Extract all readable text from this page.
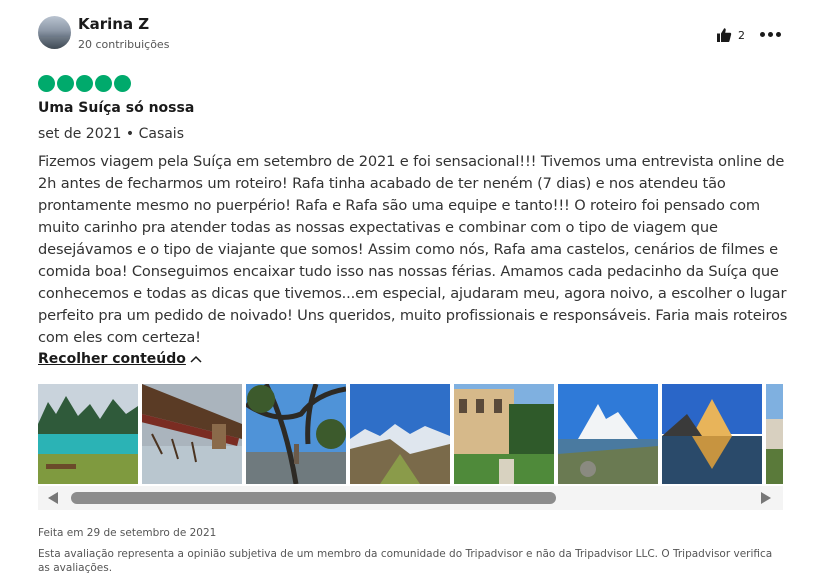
Karina Z
20 contribuições
2
Uma Suíça só nossa
set de 2021 • Casais
Fizemos viagem pela Suíça em setembro de 2021 e foi sensacional!!! Tivemos uma entrevista online de 2h antes de fecharmos um roteiro! Rafa tinha acabado de ter neném (7 dias) e nos atendeu tão prontamente mesmo no puerpério! Rafa e Rafa são uma equipe e tanto!!! O roteiro foi pensado com muito carinho pra atender todas as nossas expectativas e combinar com o tipo de viagem que desejávamos e o tipo de viajante que somos! Assim como nós, Rafa ama castelos, cenários de filmes e comida boa! Conseguimos encaixar tudo isso nas nossas férias. Amamos cada pedacinho da Suíça que conhecemos e todas as dicas que tivemos...em especial, ajudaram meu, agora noivo, a escolher o lugar perfeito pra um pedido de noivado! Uns queridos, muito profissionais e responsáveis. Faria mais roteiros com eles com certeza!
Recolher conteúdo
Feita em 29 de setembro de 2021
Esta avaliação representa a opinião subjetiva de um membro da comunidade do Tripadvisor e não da Tripadvisor LLC. O Tripadvisor verifica as avaliações.
